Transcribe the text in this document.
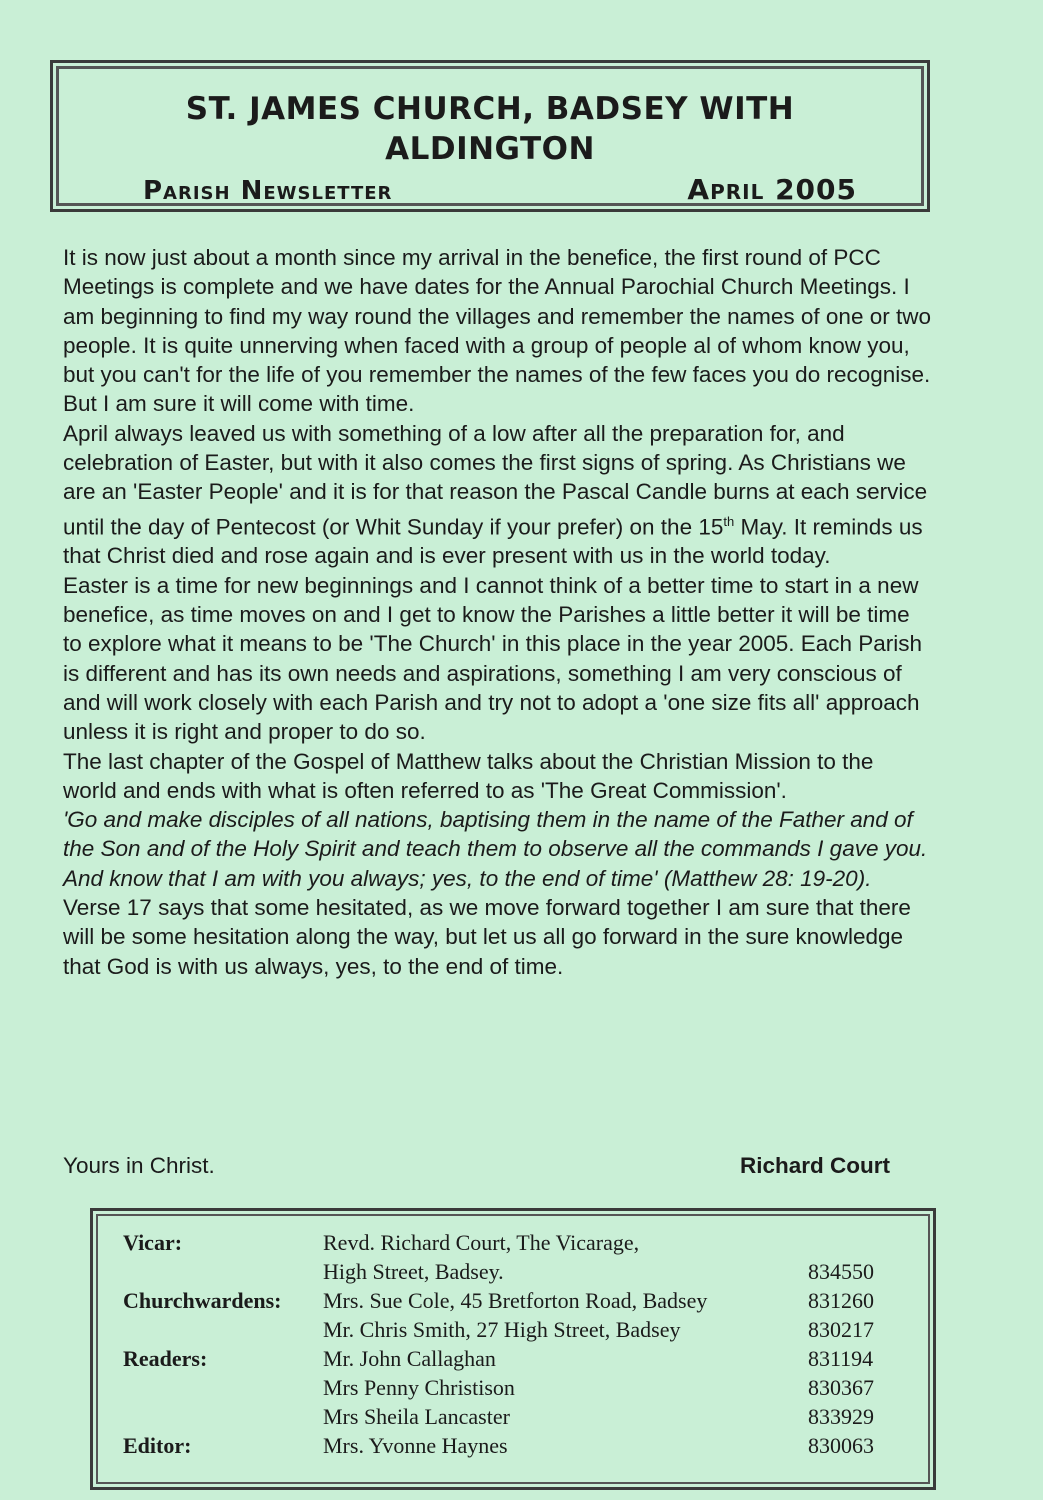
ST. JAMES CHURCH, BADSEY WITH
ALDINGTON
Parish Newsletter	April 2005

It is now just about a month since my arrival in the benefice, the first round of PCC Meetings is complete and we have dates for the Annual Parochial Church Meetings. I am beginning to find my way round the villages and remember the names of one or two people. It is quite unnerving when faced with a group of people al of whom know you, but you can't for the life of you remember the names of the few faces you do recognise. But I am sure it will come with time.

April always leaved us with something of a low after all the preparation for, and celebration of Easter, but with it also comes the first signs of spring. As Christians we are an 'Easter People' and it is for that reason the Pascal Candle burns at each service until the day of Pentecost (or Whit Sunday if your prefer) on the 15th May. It reminds us that Christ died and rose again and is ever present with us in the world today.

Easter is a time for new beginnings and I cannot think of a better time to start in a new benefice, as time moves on and I get to know the Parishes a little better it will be time to explore what it means to be 'The Church' in this place in the year 2005. Each Parish is different and has its own needs and aspirations, something I am very conscious of and will work closely with each Parish and try not to adopt a 'one size fits all' approach unless it is right and proper to do so.

The last chapter of the Gospel of Matthew talks about the Christian Mission to the world and ends with what is often referred to as 'The Great Commission'.

'Go and make disciples of all nations, baptising them in the name of the Father and of the Son and of the Holy Spirit and teach them to observe all the commands I gave you. And know that I am with you always; yes, to the end of time' (Matthew 28: 19-20).

Verse 17 says that some hesitated, as we move forward together I am sure that there will be some hesitation along the way, but let us all go forward in the sure knowledge that God is with us always, yes, to the end of time.

Yours in Christ.	Richard Court
Vicar:	Revd. Richard Court, The Vicarage,	
	High Street, Badsey.	834550
Churchwardens:	Mrs. Sue Cole, 45 Bretforton Road, Badsey	831260
	Mr. Chris Smith, 27 High Street, Badsey	830217
Readers:	Mr. John Callaghan	831194
	Mrs Penny Christison	830367
	Mrs Sheila Lancaster	833929
Editor:	Mrs. Yvonne Haynes	830063
